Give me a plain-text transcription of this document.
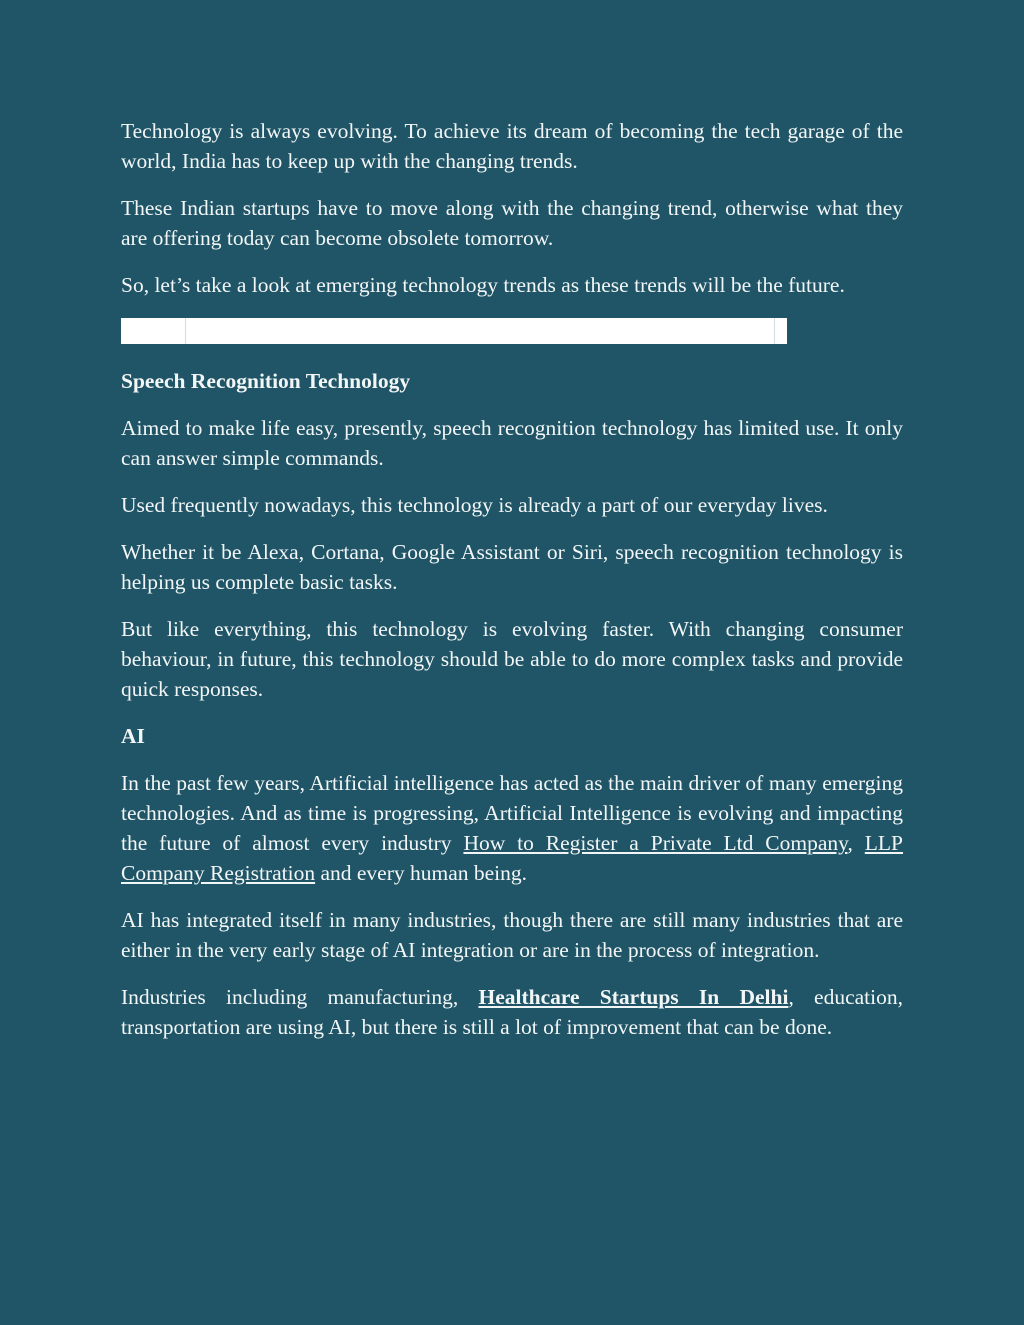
Technology is always evolving. To achieve its dream of becoming the tech garage of the world, India has to keep up with the changing trends.

These Indian startups have to move along with the changing trend, otherwise what they are offering today can become obsolete tomorrow.

So, let’s take a look at emerging technology trends as these trends will be the future.

Speech Recognition Technology

Aimed to make life easy, presently, speech recognition technology has limited use. It only can answer simple commands.

Used frequently nowadays, this technology is already a part of our everyday lives.

Whether it be Alexa, Cortana, Google Assistant or Siri, speech recognition technology is helping us complete basic tasks.

But like everything, this technology is evolving faster. With changing consumer behaviour, in future, this technology should be able to do more complex tasks and provide quick responses.

AI

In the past few years, Artificial intelligence has acted as the main driver of many emerging technologies. And as time is progressing, Artificial Intelligence is evolving and impacting the future of almost every industry How to Register a Private Ltd Company, LLP Company Registration and every human being.

AI has integrated itself in many industries, though there are still many industries that are either in the very early stage of AI integration or are in the process of integration.

Industries including manufacturing, Healthcare Startups In Delhi, education, transportation are using AI, but there is still a lot of improvement that can be done.
